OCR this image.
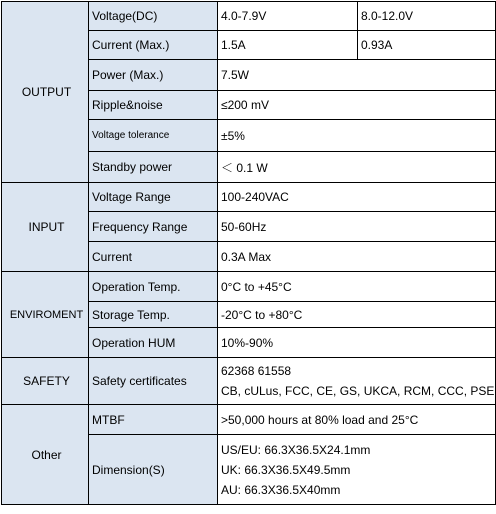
OUTPUT	Voltage(DC)	4.0-7.9V	8.0-12.0V
	Current (Max.)	1.5A	0.93A
	Power (Max.)	7.5W	
	Ripple&noise	≤200 mV	
	Voltage tolerance	±5%	
	Standby power	＜ 0.1 W	
INPUT	Voltage Range	100-240VAC	
	Frequency Range	50-60Hz	
	Current	0.3A Max	
ENVIROMENT	Operation Temp.	0°C to +45°C	
	Storage Temp.	-20°C to +80°C	
	Operation HUM	10%-90%	
SAFETY	Safety certificates	62368 61558
CB, cULus, FCC, CE, GS, UKCA, RCM, CCC, PSE	

Other	MTBF	>50,000 hours at 80% load and 25°C	
	Dimension(S)	US/EU: 66.3X36.5X24.1mm
UK: 66.3X36.5X49.5mm
AU: 66.3X36.5X40mm	
